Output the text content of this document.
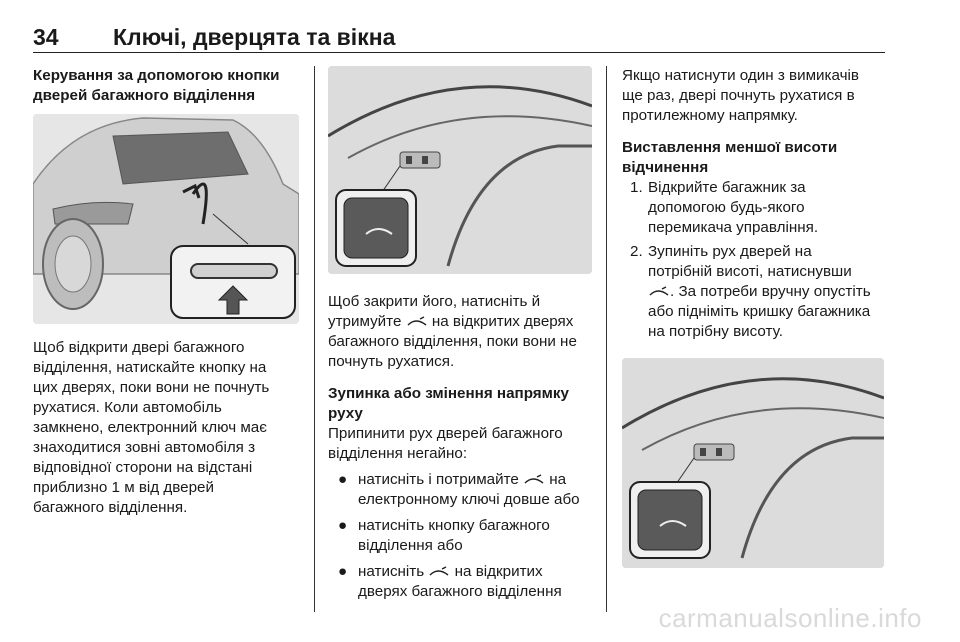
34 Ключі, дверцята та вікна

Керування за допомогою кнопки
дверей багажного відділення

Щоб відкрити двері багажного
відділення, натискайте кнопку на
цих дверях, поки вони не почнуть
рухатися. Коли автомобіль
замкнено, електронний ключ має
знаходитися зовні автомобіля з
відповідної сторони на відстані
приблизно 1 м від дверей
багажного відділення.

Щоб закрити його, натисніть й
утримуйте на відкритих дверях
багажного відділення, поки вони не
почнуть рухатися.

Зупинка або змінення напрямку
руху

Припинити рух дверей багажного
відділення негайно:

● натисніть і потримайте на
електронному ключі довше або
● натисніть кнопку багажного
відділення або
● натисніть на відкритих
дверях багажного відділення

Якщо натиснути один з вимикачів
ще раз, двері почнуть рухатися в
протилежному напрямку.

Виставлення меншої висоти
відчинення

1. Відкрийте багажник за
допомогою будь-якого
перемикача управління.
2. Зупиніть рух дверей на
потрібній висоті, натиснувши
. За потреби вручну опустіть
або підніміть кришку багажника
на потрібну висоту.
carmanualsonline.info
